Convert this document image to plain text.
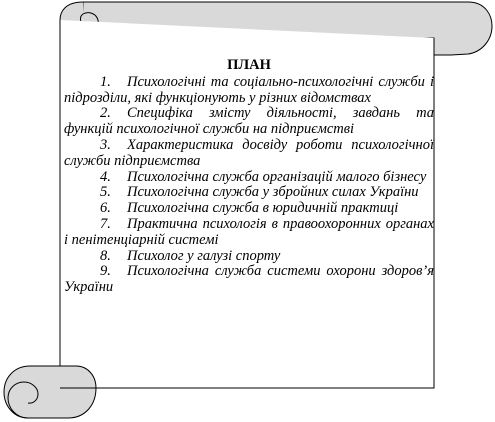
ПЛАН
1. Психологічні та соціально-психологічні служби і підрозділи, які функціонують у різних відомствах
2. Специфіка змісту діяльності, завдань та функцій психологічної служби на підприємстві
3. Характеристика досвіду роботи психологічної служби підприємства
4. Психологічна служба організацій малого бізнесу
5. Психологічна служба у збройних силах України
6. Психологічна служба в юридичній практиці
7. Практична психологія в правоохоронних органах і пенітенціарній системі
8. Психолог у галузі спорту
9. Психологічна служба системи охорони здоров’я України
